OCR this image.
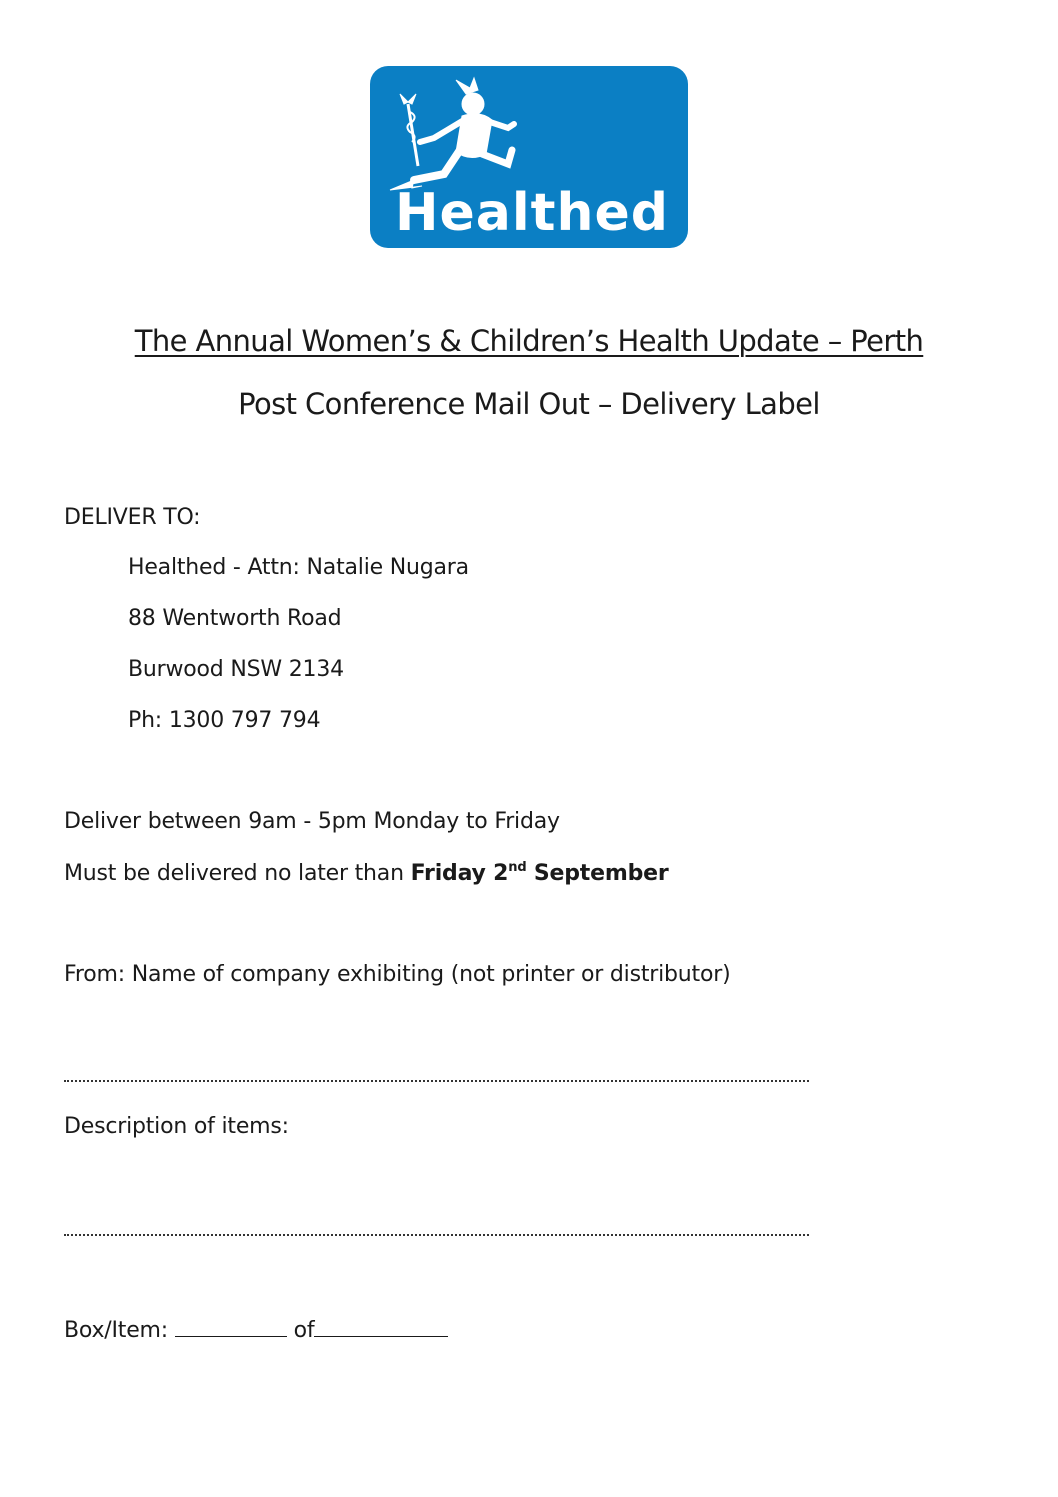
Healthed
The Annual Women’s & Children’s Health Update – Perth
Post Conference Mail Out – Delivery Label
DELIVER TO:
Healthed - Attn: Natalie Nugara
88 Wentworth Road
Burwood NSW 2134
Ph: 1300 797 794
Deliver between 9am - 5pm Monday to Friday
Must be delivered no later than Friday 2nd September
From: Name of company exhibiting (not printer or distributor)
Description of items:
Box/Item:	of
